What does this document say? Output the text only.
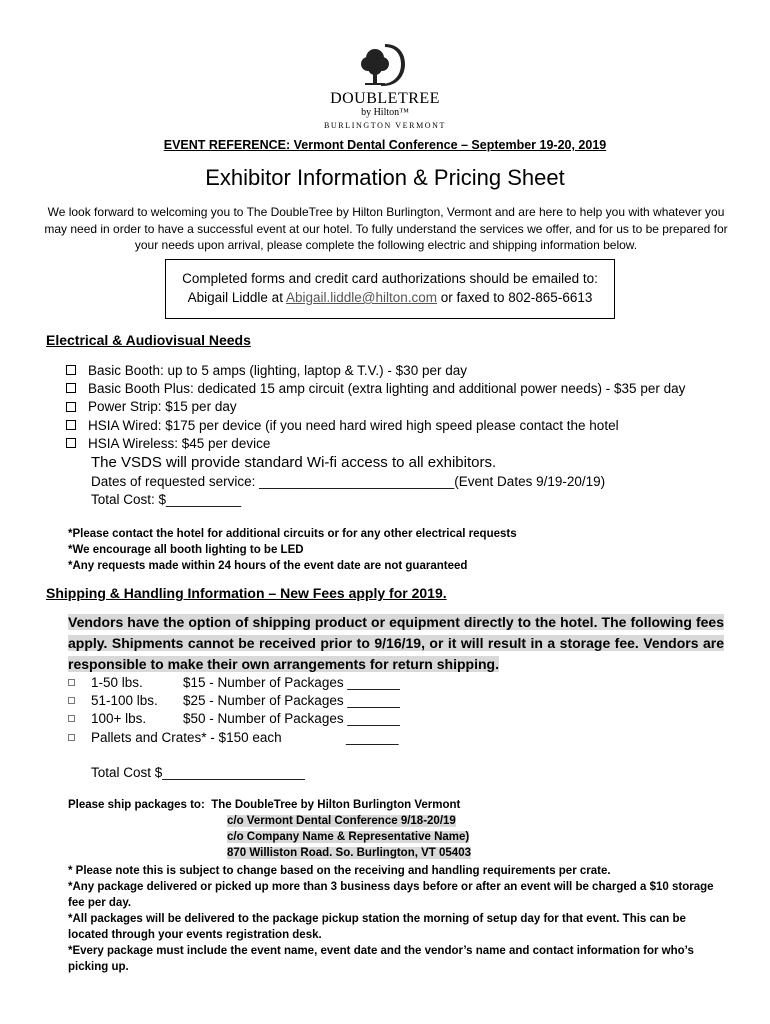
DOUBLETREE
by Hilton™
BURLINGTON VERMONT
EVENT REFERENCE: Vermont Dental Conference – September 19-20, 2019
Exhibitor Information & Pricing Sheet
We look forward to welcoming you to The DoubleTree by Hilton Burlington, Vermont and are here to help you with whatever you may need in order to have a successful event at our hotel. To fully understand the services we offer, and for us to be prepared for your needs upon arrival, please complete the following electric and shipping information below.
Completed forms and credit card authorizations should be emailed to:
Abigail Liddle at Abigail.liddle@hilton.com or faxed to 802-865-6613
Electrical & Audiovisual Needs
Basic Booth: up to 5 amps (lighting, laptop & T.V.) - $30 per day
Basic Booth Plus: dedicated 15 amp circuit (extra lighting and additional power needs) - $35 per day
Power Strip: $15 per day
HSIA Wired: $175 per device (if you need hard wired high speed please contact the hotel
HSIA Wireless: $45 per device
The VSDS will provide standard Wi-fi access to all exhibitors.
Dates of requested service: __________________________(Event Dates 9/19-20/19)
Total Cost: $__________
*Please contact the hotel for additional circuits or for any other electrical requests
*We encourage all booth lighting to be LED
*Any requests made within 24 hours of the event date are not guaranteed
Shipping & Handling Information – New Fees apply for 2019.
Vendors have the option of shipping product or equipment directly to the hotel. The following fees apply. Shipments cannot be received prior to 9/16/19, or it will result in a storage fee. Vendors are responsible to make their own arrangements for return shipping.
1-50 lbs.	$15 - Number of Packages
_______
51-100 lbs.	$25 - Number of Packages
_______
100+ lbs.	$50 - Number of Packages
_______
Pallets and Crates* - $150 each	_______
Total Cost $___________________
Please ship packages to: The DoubleTree by Hilton Burlington Vermont
c/o Vermont Dental Conference 9/18-20/19
c/o Company Name & Representative Name)
870 Williston Road. So. Burlington, VT 05403
* Please note this is subject to change based on the receiving and handling requirements per crate.
*Any package delivered or picked up more than 3 business days before or after an event will be charged a $10 storage fee per day.
*All packages will be delivered to the package pickup station the morning of setup day for that event. This can be located through your events registration desk.
*Every package must include the event name, event date and the vendor’s name and contact information for who’s picking up.
